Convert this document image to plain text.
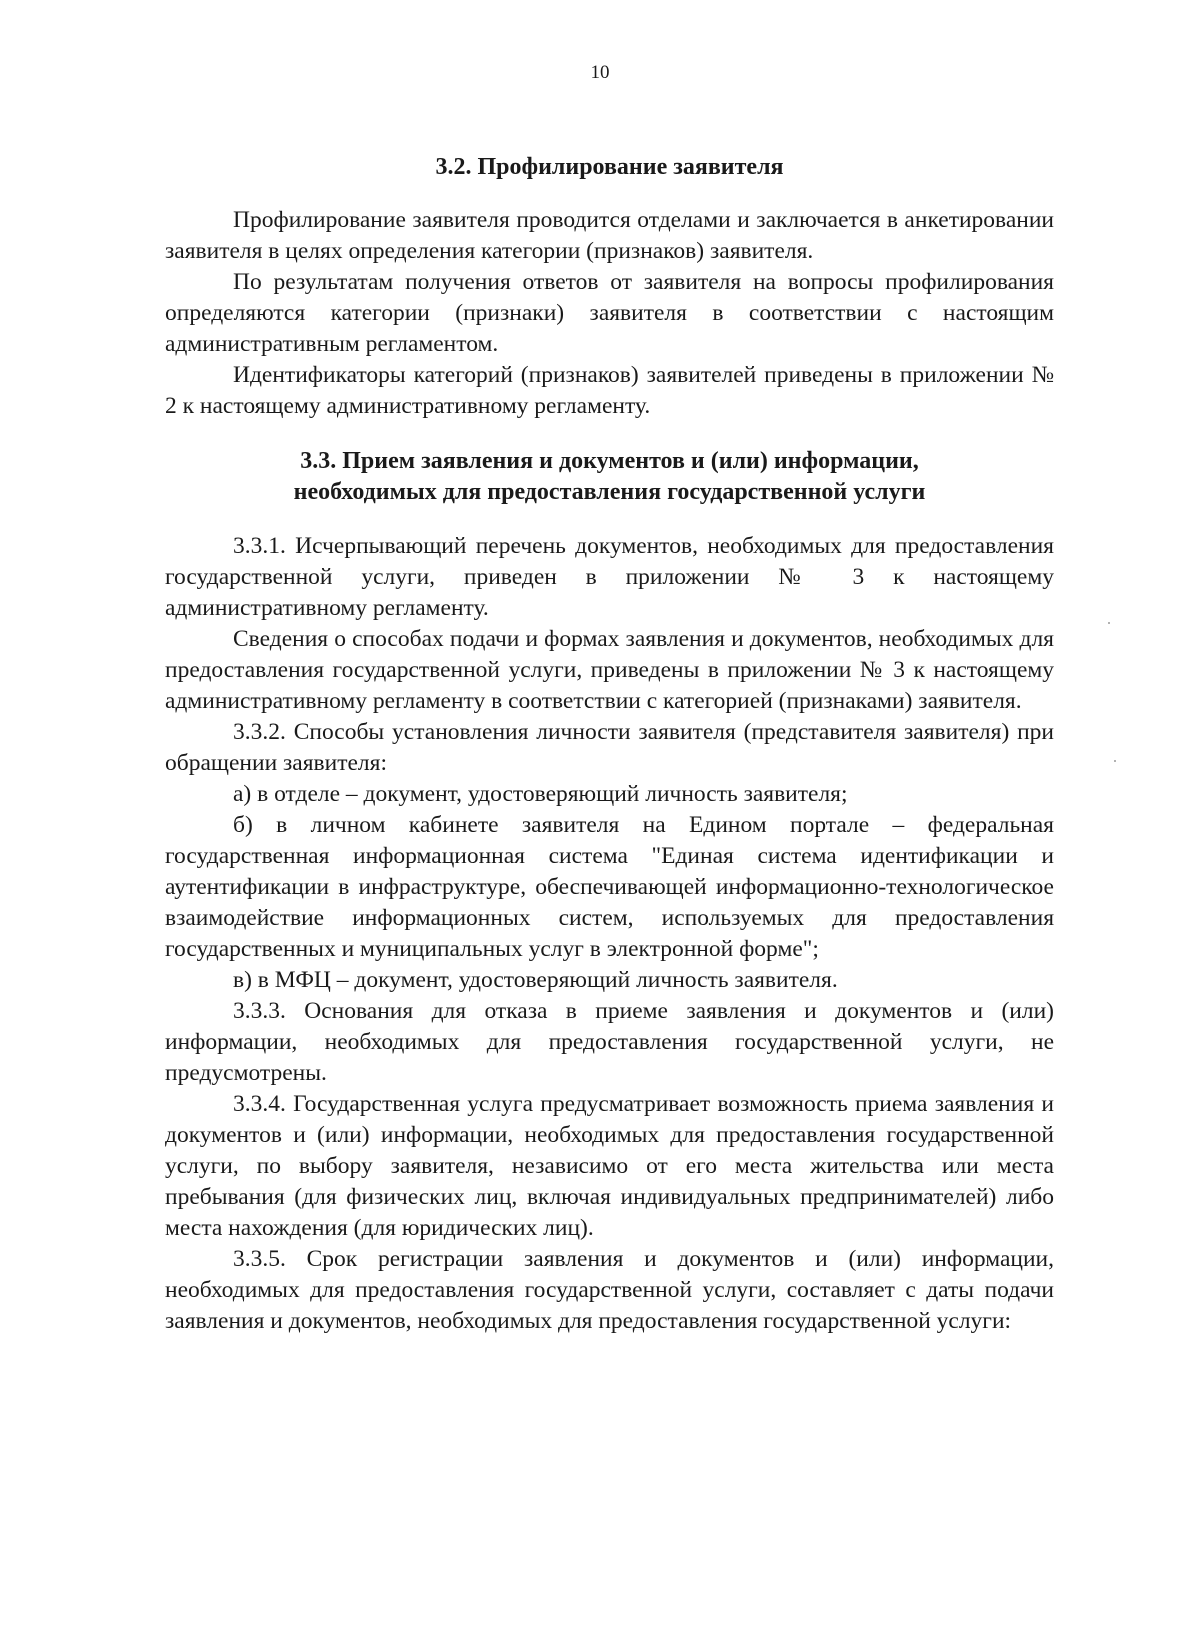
10
3.2. Профилирование заявителя

Профилирование заявителя проводится отделами и заключается в анкетировании заявителя в целях определения категории (признаков) заявителя.

По результатам получения ответов от заявителя на вопросы профилирования определяются категории (признаки) заявителя в соответствии с настоящим административным регламентом.

Идентификаторы категорий (признаков) заявителей приведены в приложении № 2 к настоящему административному регламенту.

3.3. Прием заявления и документов и (или) информации,
необходимых для предоставления государственной услуги

3.3.1. Исчерпывающий перечень документов, необходимых для предоставления государственной услуги, приведен в приложении № 3 к настоящему административному регламенту.

Сведения о способах подачи и формах заявления и документов, необходимых для предоставления государственной услуги, приведены в приложении № 3 к настоящему административному регламенту в соответствии с категорией (признаками) заявителя.

3.3.2. Способы установления личности заявителя (представителя заявителя) при обращении заявителя:

а) в отделе – документ, удостоверяющий личность заявителя;

б) в личном кабинете заявителя на Едином портале – федеральная государственная информационная система "Единая система идентификации и аутентификации в инфраструктуре, обеспечивающей информационно-технологическое взаимодействие информационных систем, используемых для предоставления государственных и муниципальных услуг в электронной форме";

в) в МФЦ – документ, удостоверяющий личность заявителя.

3.3.3. Основания для отказа в приеме заявления и документов и (или) информации, необходимых для предоставления государственной услуги, не предусмотрены.

3.3.4. Государственная услуга предусматривает возможность приема заявления и документов и (или) информации, необходимых для предоставления государственной услуги, по выбору заявителя, независимо от его места жительства или места пребывания (для физических лиц, включая индивидуальных предпринимателей) либо места нахождения (для юридических лиц).

3.3.5. Срок регистрации заявления и документов и (или) информации, необходимых для предоставления государственной услуги, составляет с даты подачи заявления и документов, необходимых для предоставления государственной услуги:
